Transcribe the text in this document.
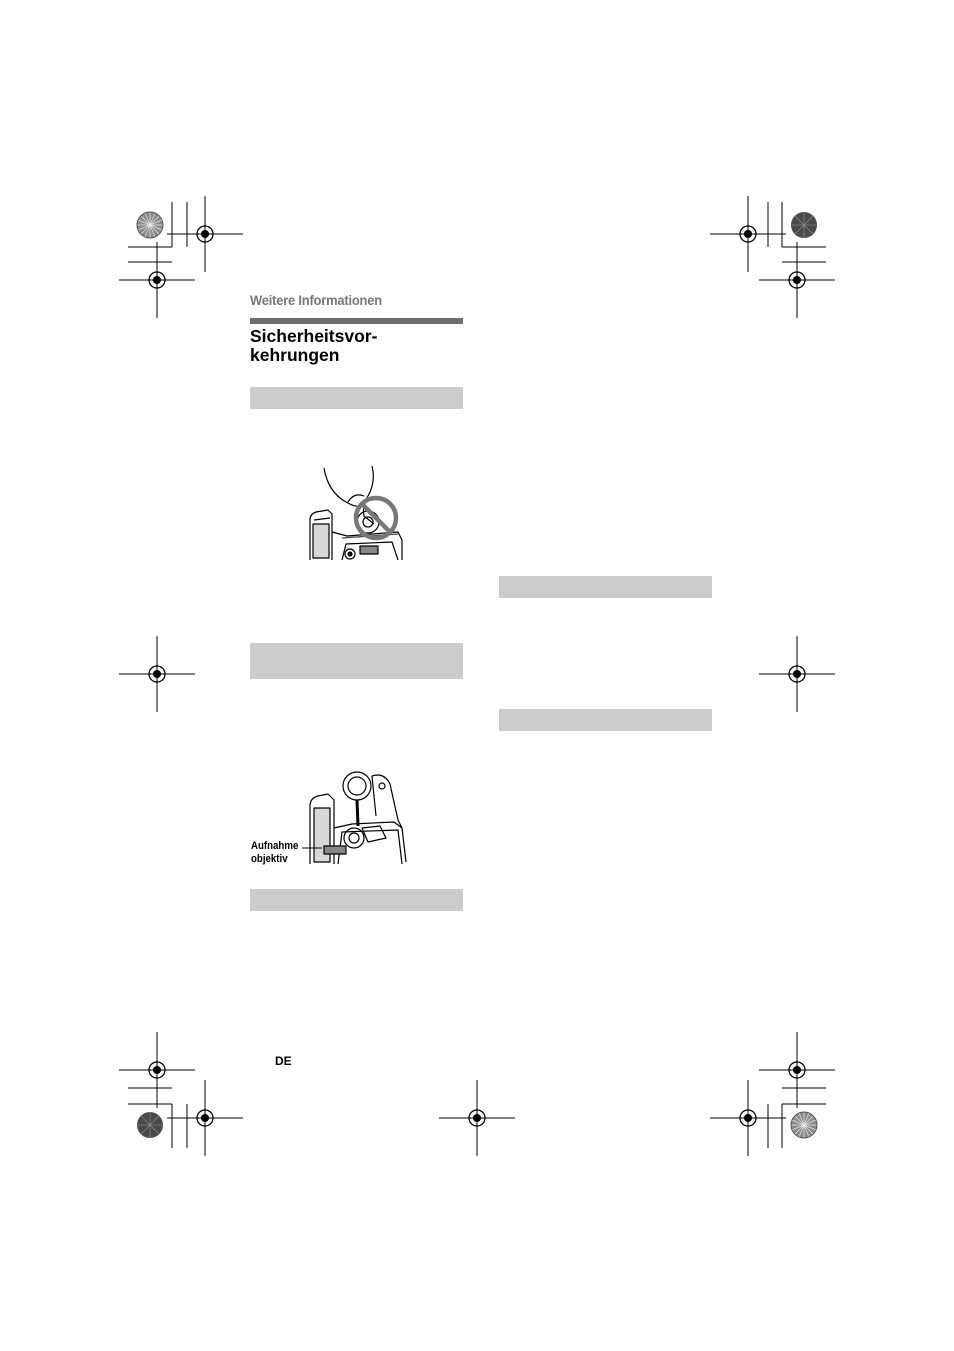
Weitere Informationen
Sicherheitsvor-
kehrungen
Aufnahme
objektiv
DE
